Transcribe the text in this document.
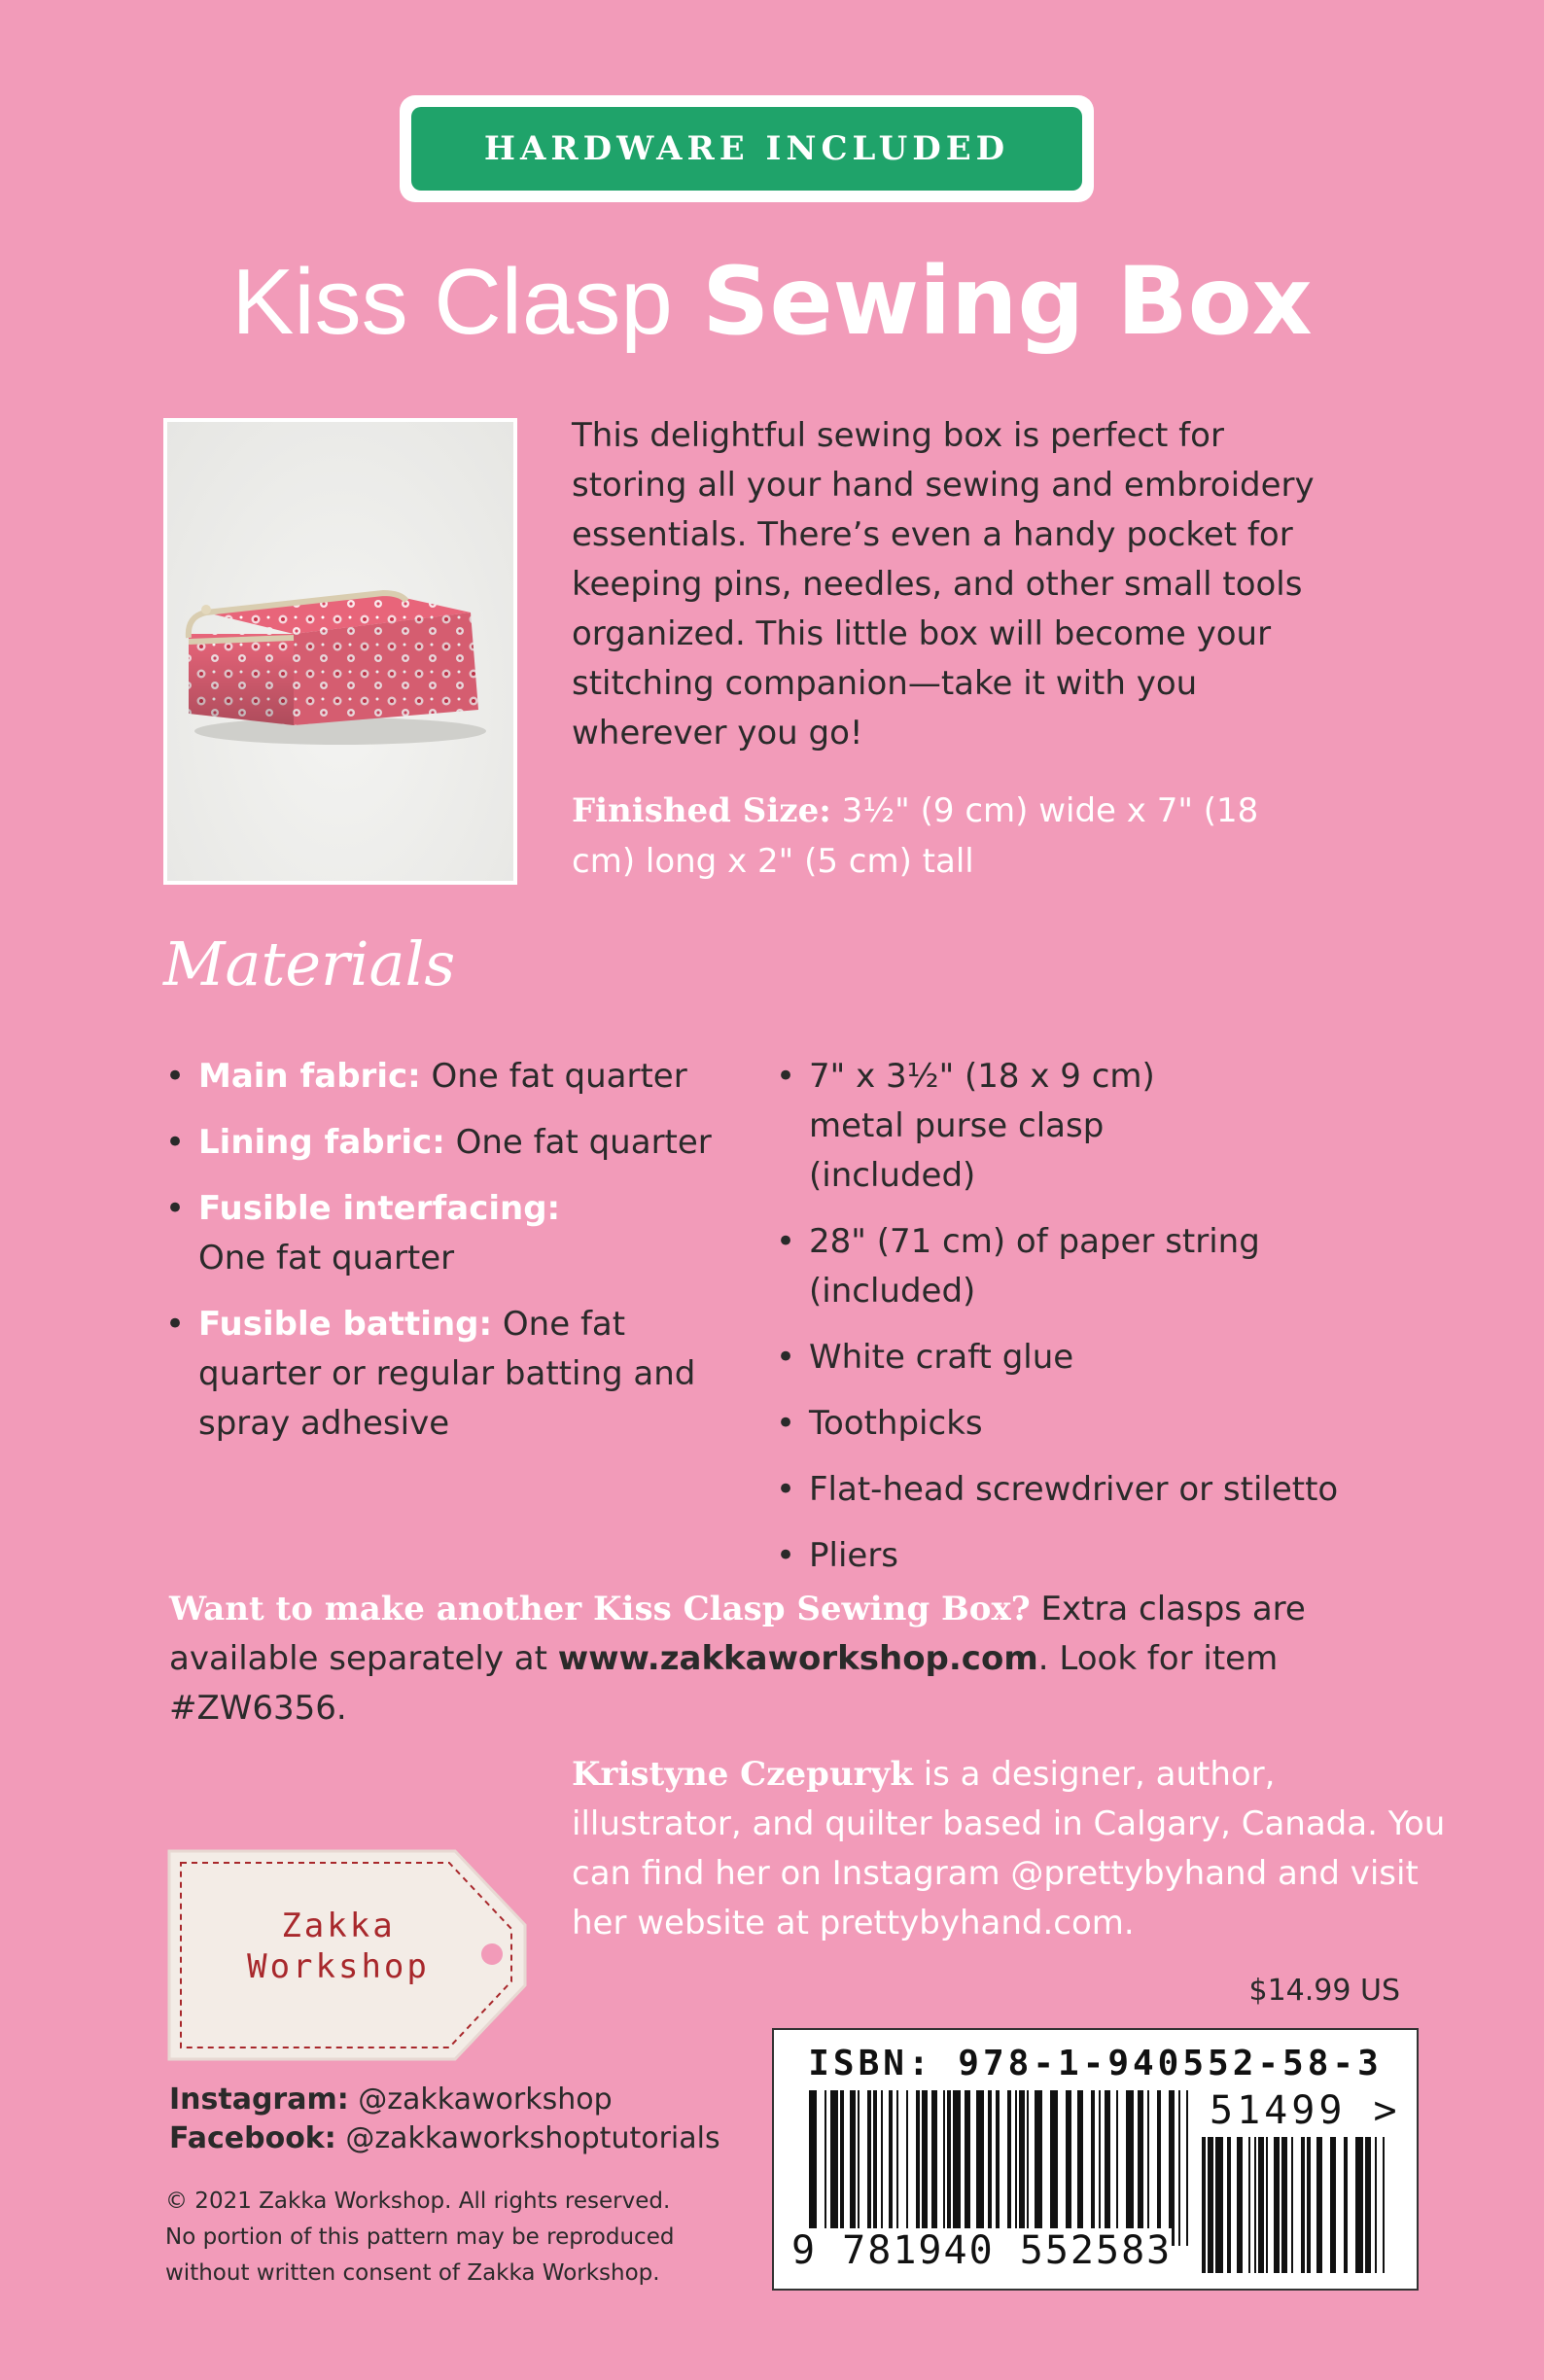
HARDWARE INCLUDED
Kiss Clasp Sewing Box
This delightful sewing box is perfect for storing all your hand sewing and embroidery essentials. There’s even a handy pocket for keeping pins, needles, and other small tools organized. This little box will become your stitching companion—take it with you wherever you go!
Finished Size: 3½" (9 cm) wide x 7" (18 cm) long x 2" (5 cm) tall
Materials
• Main fabric: One fat quarter
• Lining fabric: One fat quarter
• Fusible interfacing:
One fat quarter
• Fusible batting: One fat quarter or regular batting and spray adhesive
• 7" x 3½" (18 x 9 cm) metal purse clasp (included)
• 28" (71 cm) of paper string (included)
• White craft glue
• Toothpicks
• Flat-head screwdriver or stiletto
• Pliers
Want to make another Kiss Clasp Sewing Box? Extra clasps are available separately at www.zakkaworkshop.com. Look for item #ZW6356.
Kristyne Czepuryk is a designer, author, illustrator, and quilter based in Calgary, Canada. You can find her on Instagram @prettybyhand and visit her website at prettybyhand.com.
Zakka
Workshop
$14.99 US
ISBN: 978-1-940552-58-3
51499 >
9 781940 552583
Instagram: @zakkaworkshop
Facebook: @zakkaworkshoptutorials
© 2021 Zakka Workshop. All rights reserved.
No portion of this pattern may be reproduced
without written consent of Zakka Workshop.
